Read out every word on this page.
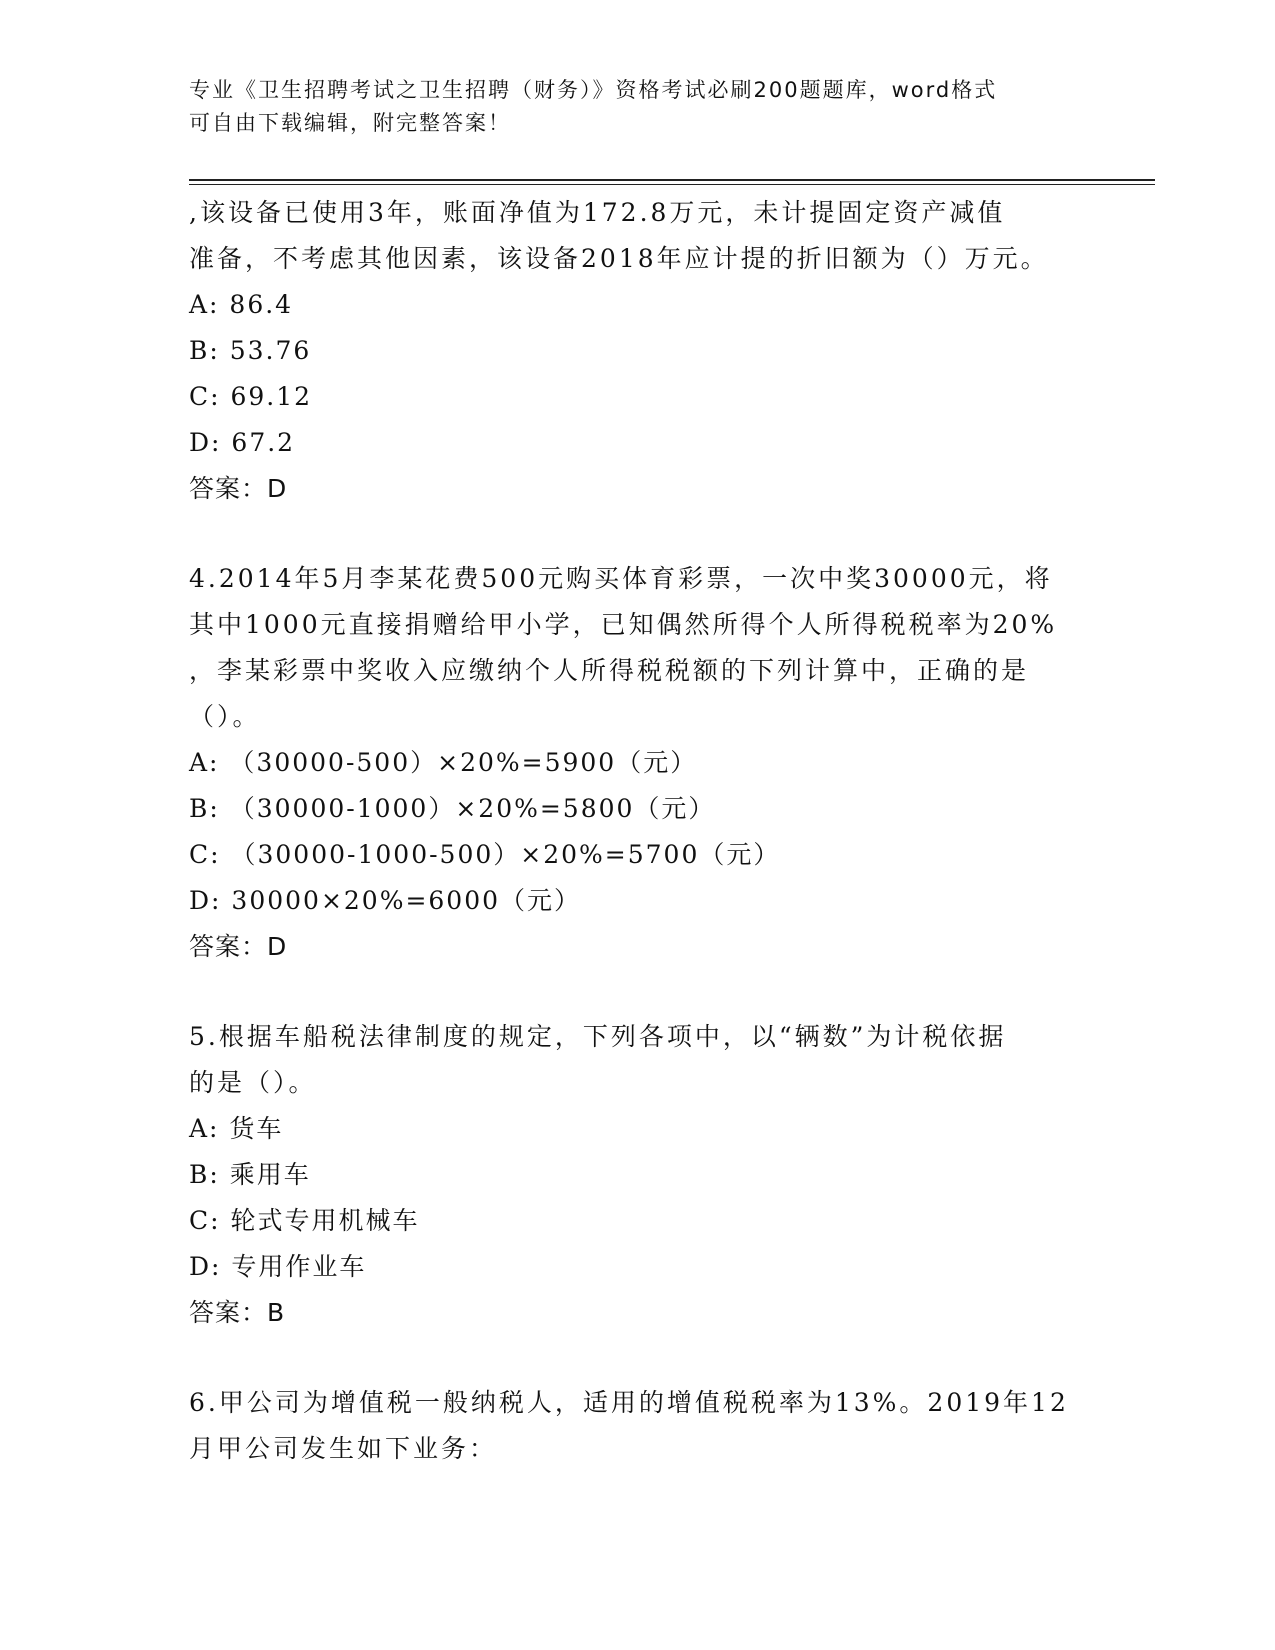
专业《卫生招聘考试之卫生招聘（财务）》资格考试必刷200题题库，word格式
可自由下载编辑，附完整答案！

,该设备已使用3年，账面净值为172.8万元，未计提固定资产减值

准备，不考虑其他因素，该设备2018年应计提的折旧额为（）万元。

A: 86.4

B: 53.76

C: 69.12

D: 67.2

答案：D

4.2014年5月李某花费500元购买体育彩票，一次中奖30000元，将

其中1000元直接捐赠给甲小学，已知偶然所得个人所得税税率为20%

，李某彩票中奖收入应缴纳个人所得税税额的下列计算中，正确的是

（）。

A: （30000-500）×20%=5900（元）

B: （30000-1000）×20%=5800（元）

C: （30000-1000-500）×20%=5700（元）

D: 30000×20%=6000（元）

答案：D

5.根据车船税法律制度的规定，下列各项中，以“辆数”为计税依据

的是（）。

A: 货车

B: 乘用车

C: 轮式专用机械车

D: 专用作业车

答案：B

6.甲公司为增值税一般纳税人，适用的增值税税率为13%。2019年12

月甲公司发生如下业务：
